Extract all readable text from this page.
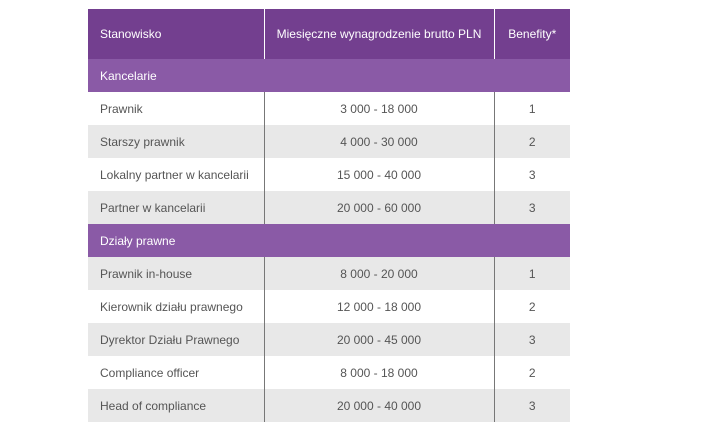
Stanowisko	Miesięczne wynagrodzenie brutto PLN	Benefity*
Kancelarie		
Prawnik	3 000 - 18 000	1
Starszy prawnik	4 000 - 30 000	2
Lokalny partner w kancelarii	15 000 - 40 000	3
Partner w kancelarii	20 000 - 60 000	3
Działy prawne		
Prawnik in-house	8 000 - 20 000	1
Kierownik działu prawnego	12 000 - 18 000	2
Dyrektor Działu Prawnego	20 000 - 45 000	3
Compliance officer	8 000 - 18 000	2
Head of compliance	20 000 - 40 000	3
